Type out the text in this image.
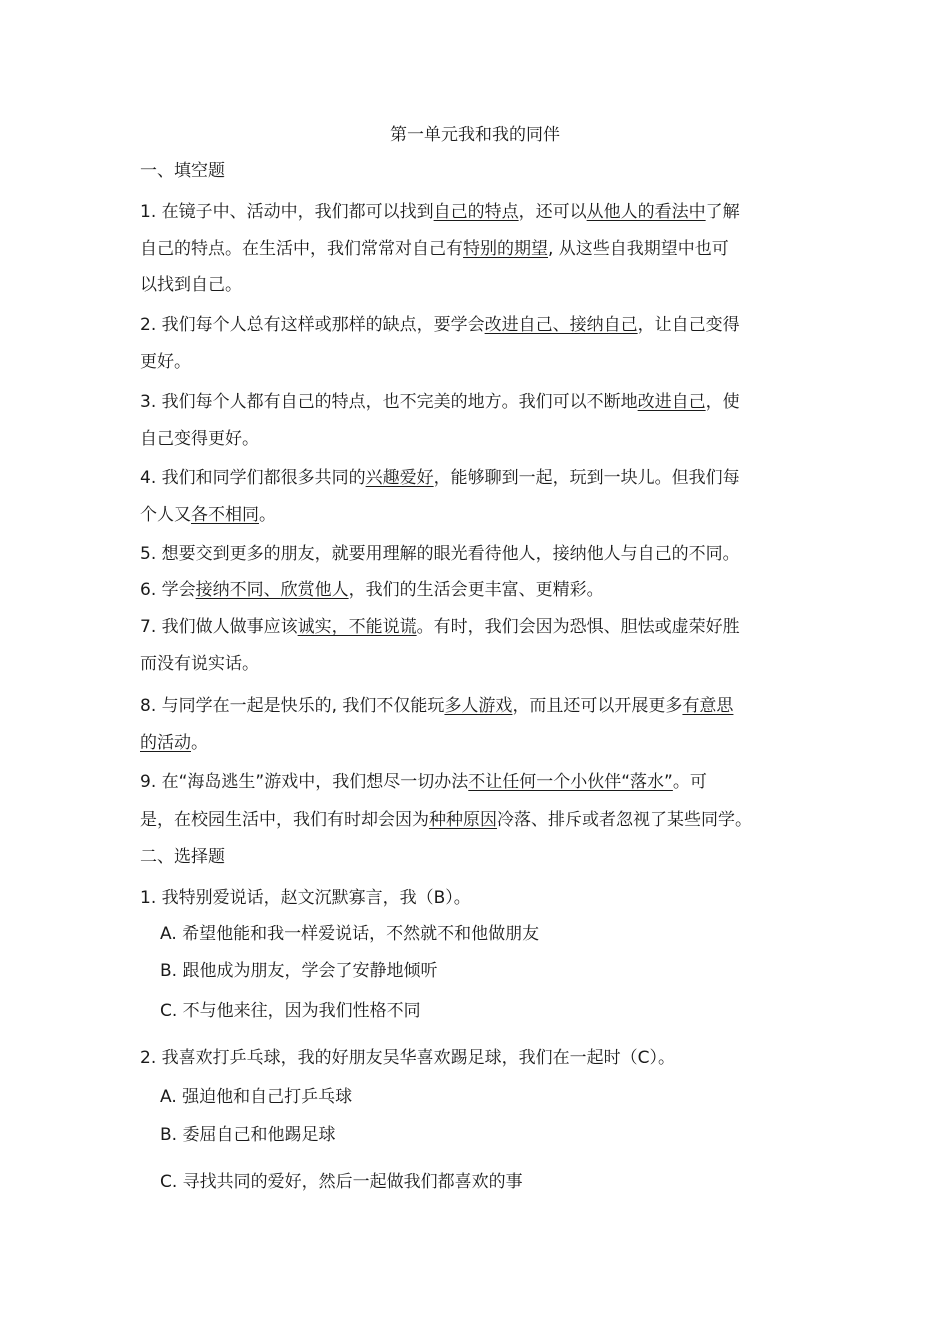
第一单元我和我的同伴
一、填空题
1. 在镜子中、活动中，我们都可以找到自己的特点，还可以从他人的看法中了解
自己的特点。在生活中，我们常常对自己有特别的期望, 从这些自我期望中也可
以找到自己。
2. 我们每个人总有这样或那样的缺点，要学会改进自己、接纳自己，让自己变得
更好。
3. 我们每个人都有自己的特点，也不完美的地方。我们可以不断地改进自己，使
自己变得更好。
4. 我们和同学们都很多共同的兴趣爱好，能够聊到一起，玩到一块儿。但我们每
个人又各不相同。
5. 想要交到更多的朋友，就要用理解的眼光看待他人，接纳他人与自己的不同。
6. 学会接纳不同、欣赏他人，我们的生活会更丰富、更精彩。
7. 我们做人做事应该诚实，不能说谎。有时，我们会因为恐惧、胆怯或虚荣好胜
而没有说实话。
8. 与同学在一起是快乐的, 我们不仅能玩多人游戏，而且还可以开展更多有意思
的活动。
9. 在“海岛逃生”游戏中，我们想尽一切办法不让任何一个小伙伴“落水”。可
是，在校园生活中，我们有时却会因为种种原因冷落、排斥或者忽视了某些同学。
二、选择题
1. 我特别爱说话，赵文沉默寡言，我（B）。
A. 希望他能和我一样爱说话，不然就不和他做朋友
B. 跟他成为朋友，学会了安静地倾听
C. 不与他来往，因为我们性格不同
2. 我喜欢打乒乓球，我的好朋友吴华喜欢踢足球，我们在一起时（C）。
A. 强迫他和自己打乒乓球
B. 委屈自己和他踢足球
C. 寻找共同的爱好，然后一起做我们都喜欢的事
